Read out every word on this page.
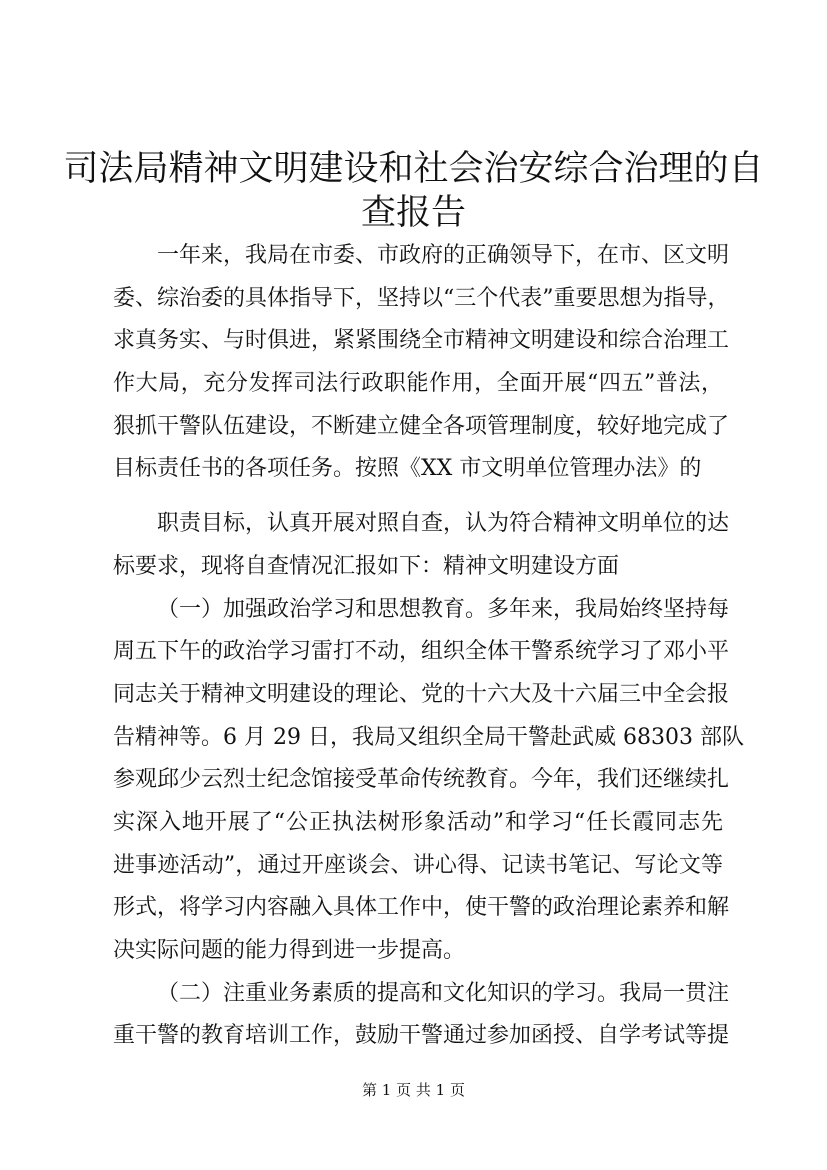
司法局精神文明建设和社会治安综合治理的自
查报告
一年来，我局在市委、市政府的正确领导下，在市、区文明
委、综治委的具体指导下，坚持以“三个代表”重要思想为指导，
求真务实、与时俱进，紧紧围绕全市精神文明建设和综合治理工
作大局，充分发挥司法行政职能作用，全面开展“四五”普法，
狠抓干警队伍建设，不断建立健全各项管理制度，较好地完成了
目标责任书的各项任务。按照《XX 市文明单位管理办法》的
职责目标，认真开展对照自查，认为符合精神文明单位的达
标要求，现将自查情况汇报如下：精神文明建设方面
（一）加强政治学习和思想教育。多年来，我局始终坚持每
周五下午的政治学习雷打不动，组织全体干警系统学习了邓小平
同志关于精神文明建设的理论、党的十六大及十六届三中全会报
告精神等。6 月 29 日，我局又组织全局干警赴武威 68303 部队
参观邱少云烈士纪念馆接受革命传统教育。今年，我们还继续扎
实深入地开展了“公正执法树形象活动”和学习“任长霞同志先
进事迹活动”，通过开座谈会、讲心得、记读书笔记、写论文等
形式，将学习内容融入具体工作中，使干警的政治理论素养和解
决实际问题的能力得到进一步提高。
（二）注重业务素质的提高和文化知识的学习。我局一贯注
重干警的教育培训工作，鼓励干警通过参加函授、自学考试等提
第 1 页 共 1 页
